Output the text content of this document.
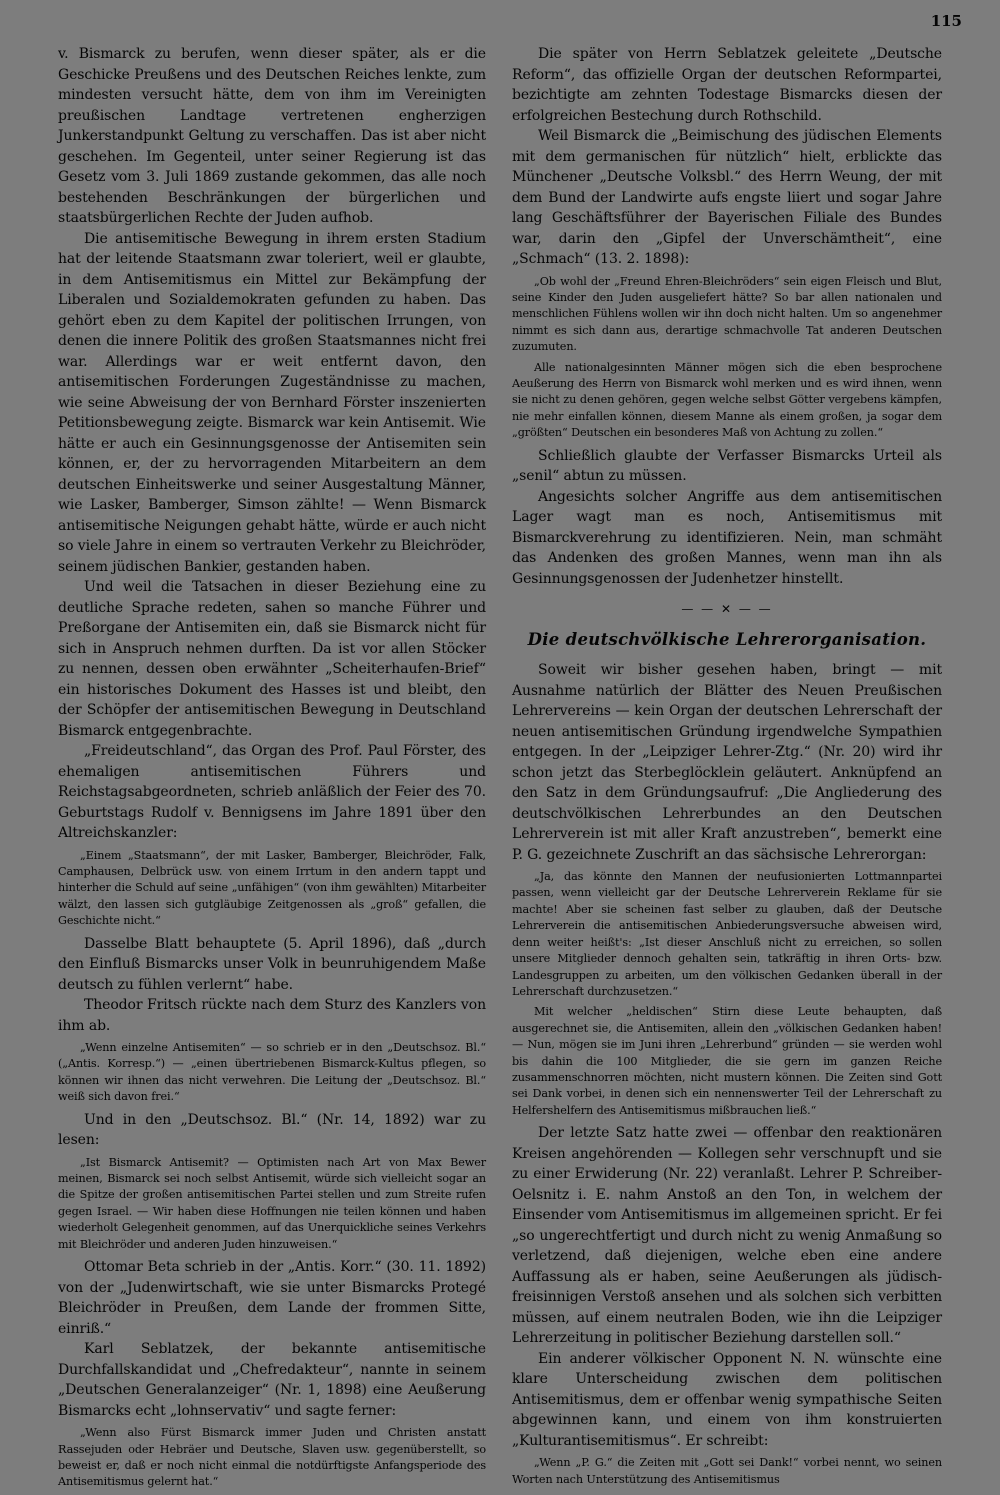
115

v. Bismarck zu berufen, wenn dieser später, als er die Geschicke Preußens und des Deutschen Reiches lenkte, zum mindesten versucht hätte, dem von ihm im Vereinigten preußischen Landtage vertretenen engherzigen Junkerstandpunkt Geltung zu verschaffen. Das ist aber nicht geschehen. Im Gegenteil, unter seiner Regierung ist das Gesetz vom 3. Juli 1869 zustande gekommen, das alle noch bestehenden Beschränkungen der bürgerlichen und staatsbürgerlichen Rechte der Juden aufhob.

Die antisemitische Bewegung in ihrem ersten Stadium hat der leitende Staatsmann zwar toleriert, weil er glaubte, in dem Antisemitismus ein Mittel zur Bekämpfung der Liberalen und Sozialdemokraten gefunden zu haben. Das gehört eben zu dem Kapitel der politischen Irrungen, von denen die innere Politik des großen Staatsmannes nicht frei war. Allerdings war er weit entfernt davon, den antisemitischen Forderungen Zugeständnisse zu machen, wie seine Abweisung der von Bernhard Förster inszenierten Petitionsbewegung zeigte. Bismarck war kein Antisemit. Wie hätte er auch ein Gesinnungsgenosse der Antisemiten sein können, er, der zu hervorragenden Mitarbeitern an dem deutschen Einheitswerke und seiner Ausgestaltung Männer, wie Lasker, Bamberger, Simson zählte! — Wenn Bismarck antisemitische Neigungen gehabt hätte, würde er auch nicht so viele Jahre in einem so vertrauten Verkehr zu Bleichröder, seinem jüdischen Bankier, gestanden haben.

Und weil die Tatsachen in dieser Beziehung eine zu deutliche Sprache redeten, sahen so manche Führer und Preßorgane der Antisemiten ein, daß sie Bismarck nicht für sich in Anspruch nehmen durften. Da ist vor allen Stöcker zu nennen, dessen oben erwähnter „Scheiterhaufen-Brief“ ein historisches Dokument des Hasses ist und bleibt, den der Schöpfer der antisemitischen Bewegung in Deutschland Bismarck entgegenbrachte.

„Freideutschland“, das Organ des Prof. Paul Förster, des ehemaligen antisemitischen Führers und Reichstagsabgeordneten, schrieb anläßlich der Feier des 70. Geburtstags Rudolf v. Bennigsens im Jahre 1891 über den Altreichskanzler:

„Einem „Staatsmann“, der mit Lasker, Bamberger, Bleichröder, Falk, Camphausen, Delbrück usw. von einem Irrtum in den andern tappt und hinterher die Schuld auf seine „unfähigen“ (von ihm gewählten) Mitarbeiter wälzt, den lassen sich gutgläubige Zeitgenossen als „groß“ gefallen, die Geschichte nicht.“

Dasselbe Blatt behauptete (5. April 1896), daß „durch den Einfluß Bismarcks unser Volk in beunruhigendem Maße deutsch zu fühlen verlernt“ habe.

Theodor Fritsch rückte nach dem Sturz des Kanzlers von ihm ab.

„Wenn einzelne Antisemiten“ — so schrieb er in den „Deutschsoz. Bl.“ („Antis. Korresp.“) — „einen übertriebenen Bismarck-Kultus pflegen, so können wir ihnen das nicht verwehren. Die Leitung der „Deutschsoz. Bl.“ weiß sich davon frei.“

Und in den „Deutschsoz. Bl.“ (Nr. 14, 1892) war zu lesen:

„Ist Bismarck Antisemit? — Optimisten nach Art von Max Bewer meinen, Bismarck sei noch selbst Antisemit, würde sich vielleicht sogar an die Spitze der großen antisemitischen Partei stellen und zum Streite rufen gegen Israel. — Wir haben diese Hoffnungen nie teilen können und haben wiederholt Gelegenheit genommen, auf das Unerquickliche seines Verkehrs mit Bleichröder und anderen Juden hinzuweisen.“

Ottomar Beta schrieb in der „Antis. Korr.“ (30. 11. 1892) von der „Judenwirtschaft, wie sie unter Bismarcks Protegé Bleichröder in Preußen, dem Lande der frommen Sitte, einriß.“

Karl Seblatzek, der bekannte antisemitische Durchfallskandidat und „Chefredakteur“, nannte in seinem „Deutschen Generalanzeiger“ (Nr. 1, 1898) eine Aeußerung Bismarcks echt „lohnservativ“ und sagte ferner:

„Wenn also Fürst Bismarck immer Juden und Christen anstatt Rassejuden oder Hebräer und Deutsche, Slaven usw. gegenüberstellt, so beweist er, daß er noch nicht einmal die notdürftigste Anfangsperiode des Antisemitismus gelernt hat.“

Die später von Herrn Seblatzek geleitete „Deutsche Reform“, das offizielle Organ der deutschen Reformpartei, bezichtigte am zehnten Todestage Bismarcks diesen der erfolgreichen Bestechung durch Rothschild.

Weil Bismarck die „Beimischung des jüdischen Elements mit dem germanischen für nützlich“ hielt, erblickte das Münchener „Deutsche Volksbl.“ des Herrn Weung, der mit dem Bund der Landwirte aufs engste liiert und sogar Jahre lang Geschäftsführer der Bayerischen Filiale des Bundes war, darin den „Gipfel der Unverschämtheit“, eine „Schmach“ (13. 2. 1898):

„Ob wohl der „Freund Ehren-Bleichröders“ sein eigen Fleisch und Blut, seine Kinder den Juden ausgeliefert hätte? So bar allen nationalen und menschlichen Fühlens wollen wir ihn doch nicht halten. Um so angenehmer nimmt es sich dann aus, derartige schmachvolle Tat anderen Deutschen zuzumuten.

Alle nationalgesinnten Männer mögen sich die eben besprochene Aeußerung des Herrn von Bismarck wohl merken und es wird ihnen, wenn sie nicht zu denen gehören, gegen welche selbst Götter vergebens kämpfen, nie mehr einfallen können, diesem Manne als einem großen, ja sogar dem „größten“ Deutschen ein besonderes Maß von Achtung zu zollen.“

Schließlich glaubte der Verfasser Bismarcks Urteil als „senil“ abtun zu müssen.

Angesichts solcher Angriffe aus dem antisemitischen Lager wagt man es noch, Antisemitismus mit Bismarckverehrung zu identifizieren. Nein, man schmäht das Andenken des großen Mannes, wenn man ihn als Gesinnungsgenossen der Judenhetzer hinstellt.

— — ✕ — —
Die deutschvölkische Lehrerorganisation.

Soweit wir bisher gesehen haben, bringt — mit Ausnahme natürlich der Blätter des Neuen Preußischen Lehrervereins — kein Organ der deutschen Lehrerschaft der neuen antisemitischen Gründung irgendwelche Sympathien entgegen. In der „Leipziger Lehrer-Ztg.“ (Nr. 20) wird ihr schon jetzt das Sterbeglöcklein geläutert. Anknüpfend an den Satz in dem Gründungsaufruf: „Die Angliederung des deutschvölkischen Lehrerbundes an den Deutschen Lehrerverein ist mit aller Kraft anzustreben“, bemerkt eine P. G. gezeichnete Zuschrift an das sächsische Lehrerorgan:

„Ja, das könnte den Mannen der neufusionierten Lottmannpartei passen, wenn vielleicht gar der Deutsche Lehrerverein Reklame für sie machte! Aber sie scheinen fast selber zu glauben, daß der Deutsche Lehrerverein die antisemitischen Anbiederungsversuche abweisen wird, denn weiter heißt's: „Ist dieser Anschluß nicht zu erreichen, so sollen unsere Mitglieder dennoch gehalten sein, tatkräftig in ihren Orts- bzw. Landesgruppen zu arbeiten, um den völkischen Gedanken überall in der Lehrerschaft durchzusetzen.“

Mit welcher „heldischen“ Stirn diese Leute behaupten, daß ausgerechnet sie, die Antisemiten, allein den „völkischen Gedanken haben! — Nun, mögen sie im Juni ihren „Lehrerbund“ gründen — sie werden wohl bis dahin die 100 Mitglieder, die sie gern im ganzen Reiche zusammenschnorren möchten, nicht mustern können. Die Zeiten sind Gott sei Dank vorbei, in denen sich ein nennenswerter Teil der Lehrerschaft zu Helfershelfern des Antisemitismus mißbrauchen ließ.“

Der letzte Satz hatte zwei — offenbar den reaktionären Kreisen angehörenden — Kollegen sehr verschnupft und sie zu einer Erwiderung (Nr. 22) veranlaßt. Lehrer P. Schreiber-Oelsnitz i. E. nahm Anstoß an den Ton, in welchem der Einsender vom Antisemitismus im allgemeinen spricht. Er fei „so ungerechtfertigt und durch nicht zu wenig Anmaßung so verletzend, daß diejenigen, welche eben eine andere Auffassung als er haben, seine Aeußerungen als jüdisch-freisinnigen Verstoß ansehen und als solchen sich verbitten müssen, auf einem neutralen Boden, wie ihn die Leipziger Lehrerzeitung in politischer Beziehung darstellen soll.“

Ein anderer völkischer Opponent N. N. wünschte eine klare Unterscheidung zwischen dem politischen Antisemitismus, dem er offenbar wenig sympathische Seiten abgewinnen kann, und einem von ihm konstruierten „Kulturantisemitismus“. Er schreibt:

„Wenn „P. G.“ die Zeiten mit „Gott sei Dank!“ vorbei nennt, wo seinen Worten nach Unterstützung des Antisemitismus
